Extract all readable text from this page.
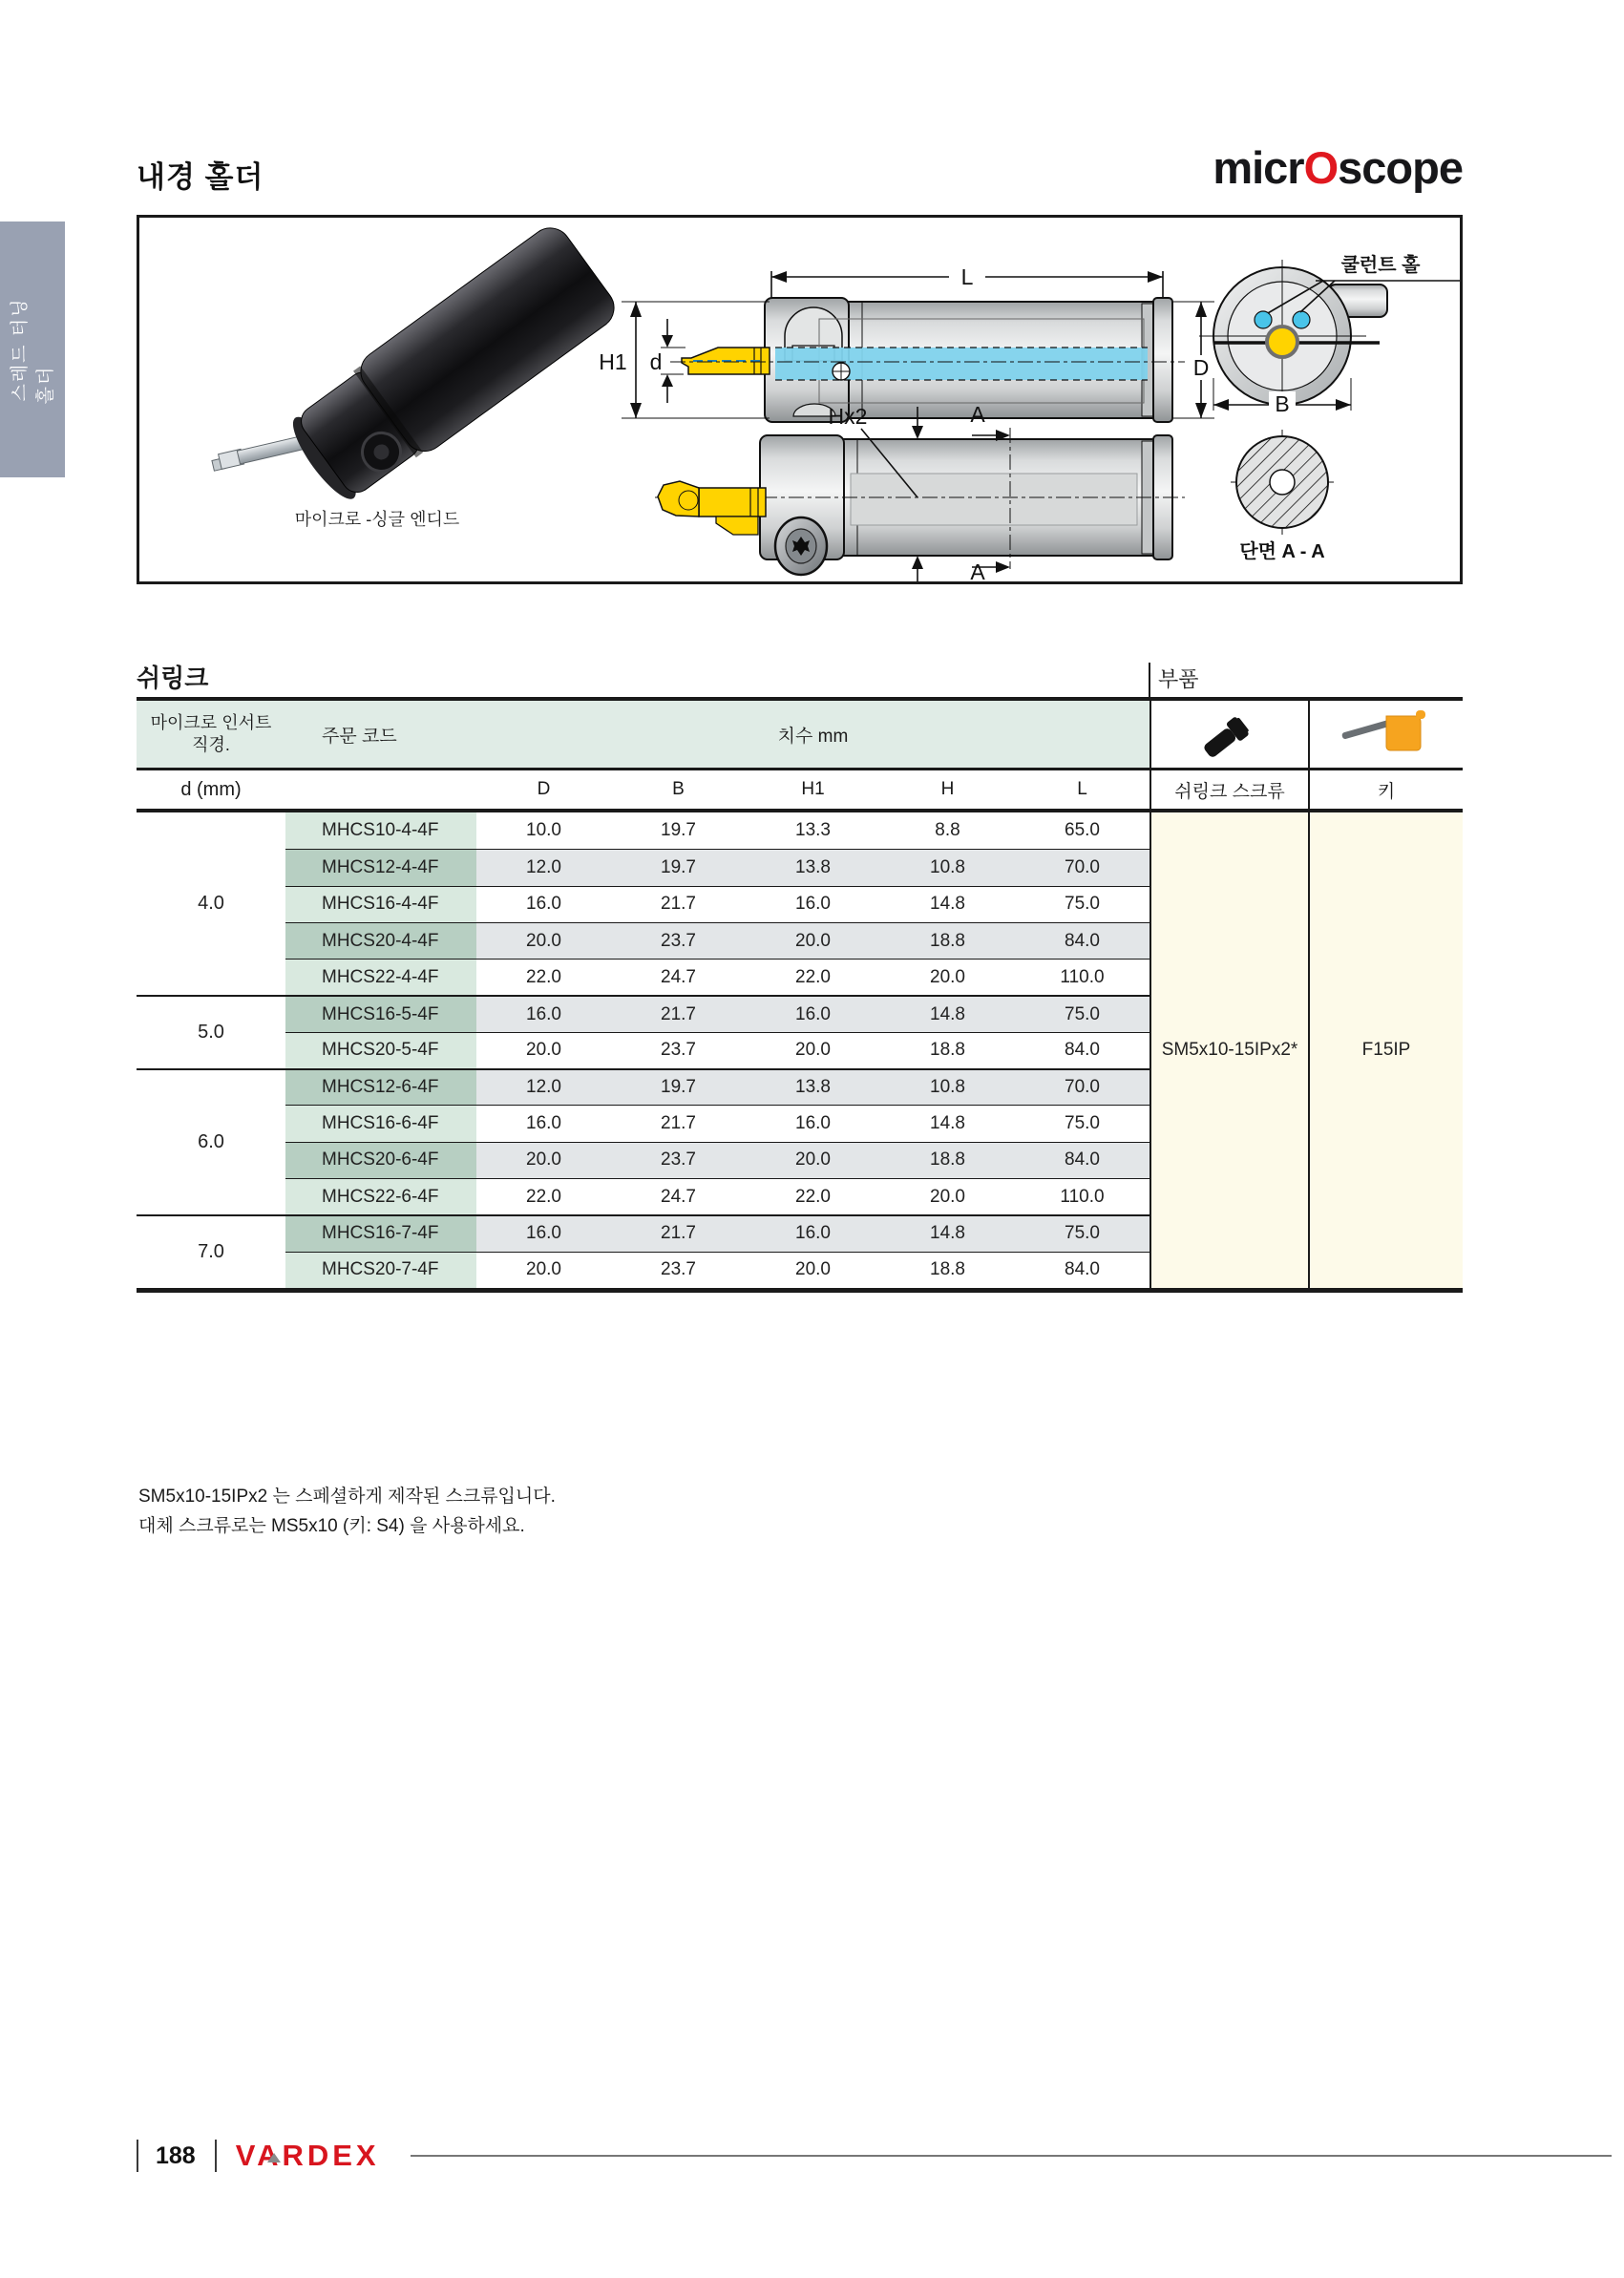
스레드 터닝 홀더
내경 홀더	micrOscope
마이크로 -싱글 엔디드
L
H1 d	D
Hx2	A
A
쿨런트 홀
B
단면 A - A
쉬링크	부품
마이크로 인서트
직경.	주문 코드	치수 mm
d (mm)	D	B	H1	H	L	쉬링크 스크류	키
4.0
MHCS10-4-4F	10.0	19.7	13.3	8.8	65.0
MHCS12-4-4F	12.0	19.7	13.8	10.8	70.0
MHCS16-4-4F	16.0	21.7	16.0	14.8	75.0
MHCS20-4-4F	20.0	23.7	20.0	18.8	84.0
MHCS22-4-4F	22.0	24.7	22.0	20.0	110.0
5.0
MHCS16-5-4F	16.0	21.7	16.0	14.8	75.0
MHCS20-5-4F	20.0	23.7	20.0	18.8	84.0
6.0
MHCS12-6-4F	12.0	19.7	13.8	10.8	70.0
MHCS16-6-4F	16.0	21.7	16.0	14.8	75.0
MHCS20-6-4F	20.0	23.7	20.0	18.8	84.0
MHCS22-6-4F	22.0	24.7	22.0	20.0	110.0
7.0
MHCS16-7-4F	16.0	21.7	16.0	14.8	75.0
MHCS20-7-4F	20.0	23.7	20.0	18.8	84.0
SM5x10-15IPx2*	F15IP
SM5x10-15IPx2 는 스페셜하게 제작된 스크류입니다.
대체 스크류로는 MS5x10 (키: S4) 을 사용하세요.
188 VARDEX
